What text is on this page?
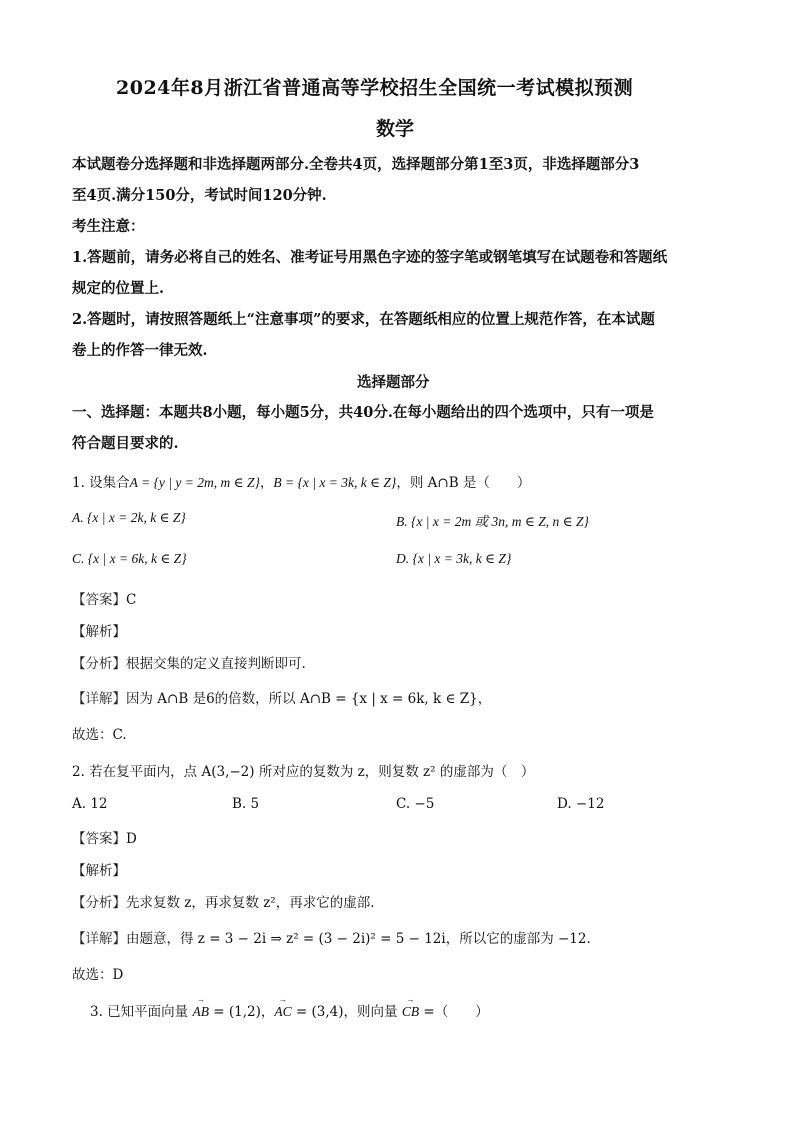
2024年8月浙江省普通高等学校招生全国统一考试模拟预测
数学
本试题卷分选择题和非选择题两部分.全卷共4页，选择题部分第1至3页，非选择题部分3
至4页.满分150分，考试时间120分钟.
考生注意：
1.答题前，请务必将自己的姓名、准考证号用黑色字迹的签字笔或钢笔填写在试题卷和答题纸
规定的位置上.
2.答题时，请按照答题纸上“注意事项”的要求，在答题纸相应的位置上规范作答，在本试题
卷上的作答一律无效.
选择题部分
一、选择题：本题共8小题，每小题5分，共40分.在每小题给出的四个选项中，只有一项是
符合题目要求的.
1. 设集合A = {y | y = 2m, m ∈ Z}，B = {x | x = 3k, k ∈ Z}，则 A∩B 是（　　）
A. {x | x = 2k, k ∈ Z}	B. {x | x = 2m 或 3n, m ∈ Z, n ∈ Z}
C. {x | x = 6k, k ∈ Z}	D. {x | x = 3k, k ∈ Z}
【答案】C
【解析】
【分析】根据交集的定义直接判断即可.
【详解】因为 A∩B 是6的倍数，所以 A∩B = {x | x = 6k, k ∈ Z}，
故选：C.
2. 若在复平面内，点 A(3,−2) 所对应的复数为 z，则复数 z² 的虚部为（　）
A. 12	B. 5	C. −5	D. −12
【答案】D
【解析】
【分析】先求复数 z，再求复数 z²，再求它的虚部.
【详解】由题意，得 z = 3 − 2i ⇒ z² = (3 − 2i)² = 5 − 12i，所以它的虚部为 −12.
故选：D
3. 已知平面向量 → AB = (1,2)，→ AC = (3,4)，则向量 → CB =（　　）
